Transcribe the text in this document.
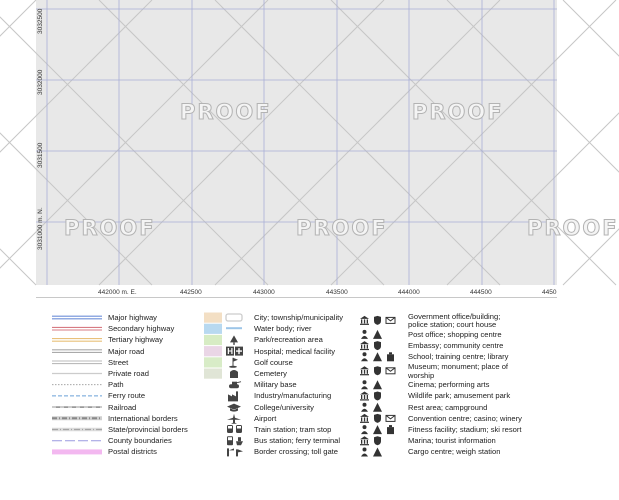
3032500
3032000
3031500
3031000 m. N.
442000 m. E.	442500	443000	443500	444000	444500	4450
PROOF	PROOF
PROOF	PROOF	PROOF
Major highway
Secondary highway
Tertiary highway
Major road
Street
Private road
Path
Ferry route
Railroad
International borders
State/provincial borders
County boundaries
Postal districts
H
City; township/municipality
Water body; river
Park/recreation area
Hospital; medical facility
Golf course
Cemetery
Military base
Industry/manufacturing
College/university
Airport
Train station; tram stop
Bus station; ferry terminal
Border crossing; toll gate
Government office/building;
police station; court house
Post office; shopping centre
Embassy; community centre
School; training centre; library
Museum; monument; place of
worship
Cinema; performing arts
Wildlife park; amusement park
Rest area; campground
Convention centre; casino; winery
Fitness facility; stadium; ski resort
Marina; tourist information
Cargo centre; weigh station
